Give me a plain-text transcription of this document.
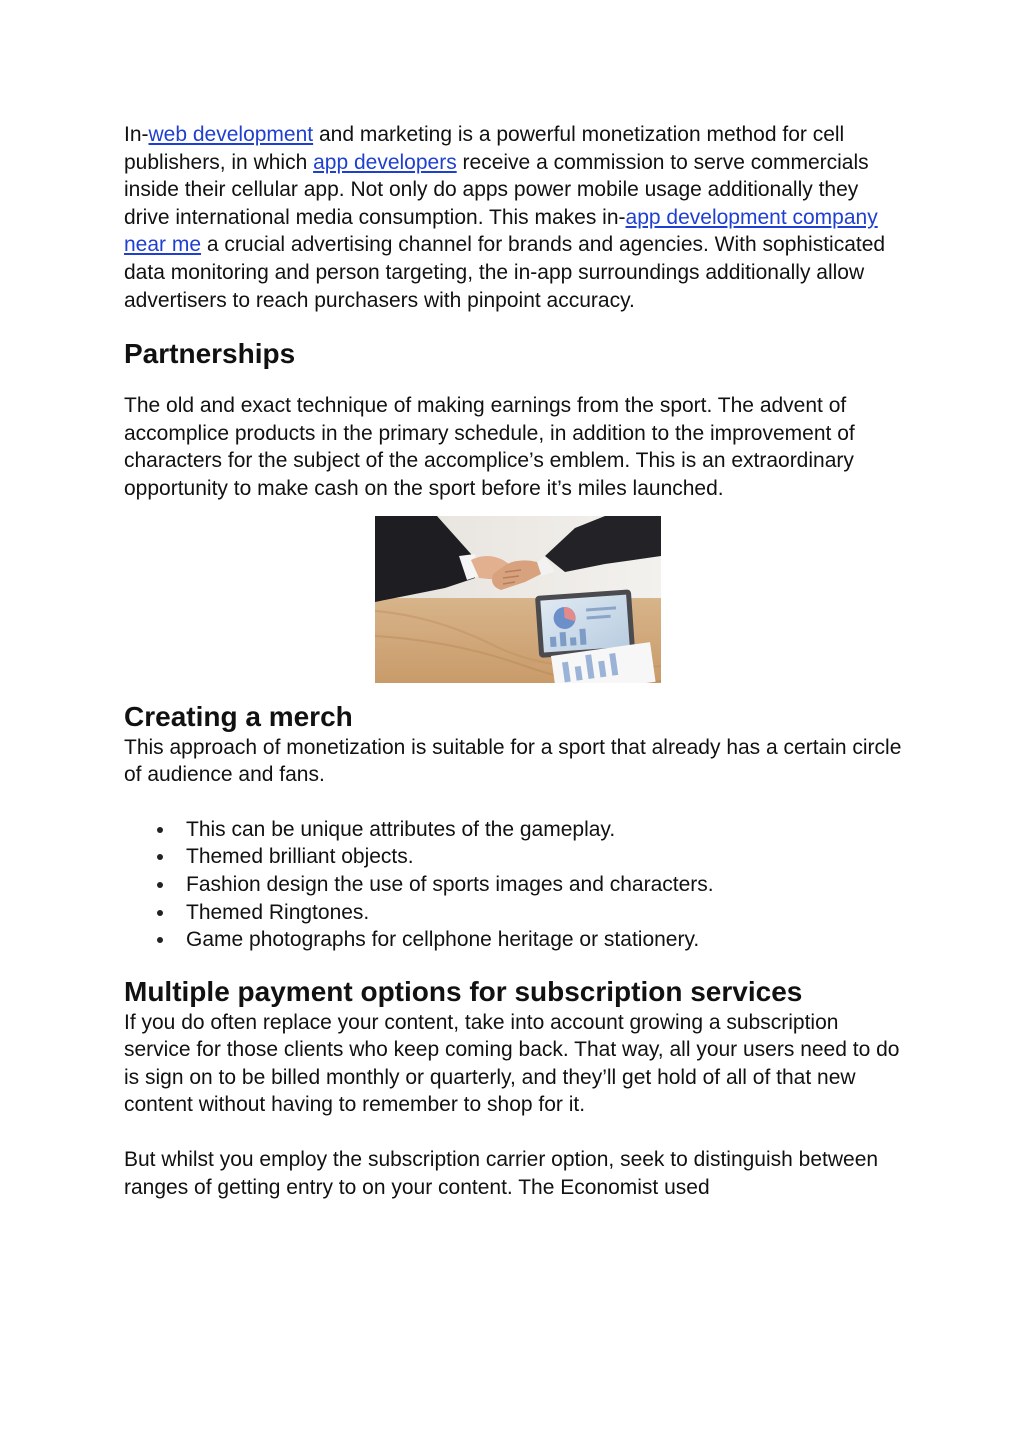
In-web development and marketing is a powerful monetization method for cell publishers, in which app developers receive a commission to serve commercials inside their cellular app. Not only do apps power mobile usage additionally they drive international media consumption. This makes in-app development company near me a crucial advertising channel for brands and agencies. With sophisticated data monitoring and person targeting, the in-app surroundings additionally allow advertisers to reach purchasers with pinpoint accuracy.

Partnerships

The old and exact technique of making earnings from the sport. The advent of accomplice products in the primary schedule, in addition to the improvement of characters for the subject of the accomplice’s emblem. This is an extraordinary opportunity to make cash on the sport before it’s miles launched.

Creating a merch

This approach of monetization is suitable for a sport that already has a certain circle of audience and fans.

This can be unique attributes of the gameplay.
Themed brilliant objects.
Fashion design the use of sports images and characters.
Themed Ringtones.
Game photographs for cellphone heritage or stationery.
Multiple payment options for subscription services

If you do often replace your content, take into account growing a subscription service for those clients who keep coming back. That way, all your users need to do is sign on to be billed monthly or quarterly, and they’ll get hold of all of that new content without having to remember to shop for it.

But whilst you employ the subscription carrier option, seek to distinguish between ranges of getting entry to on your content. The Economist used
